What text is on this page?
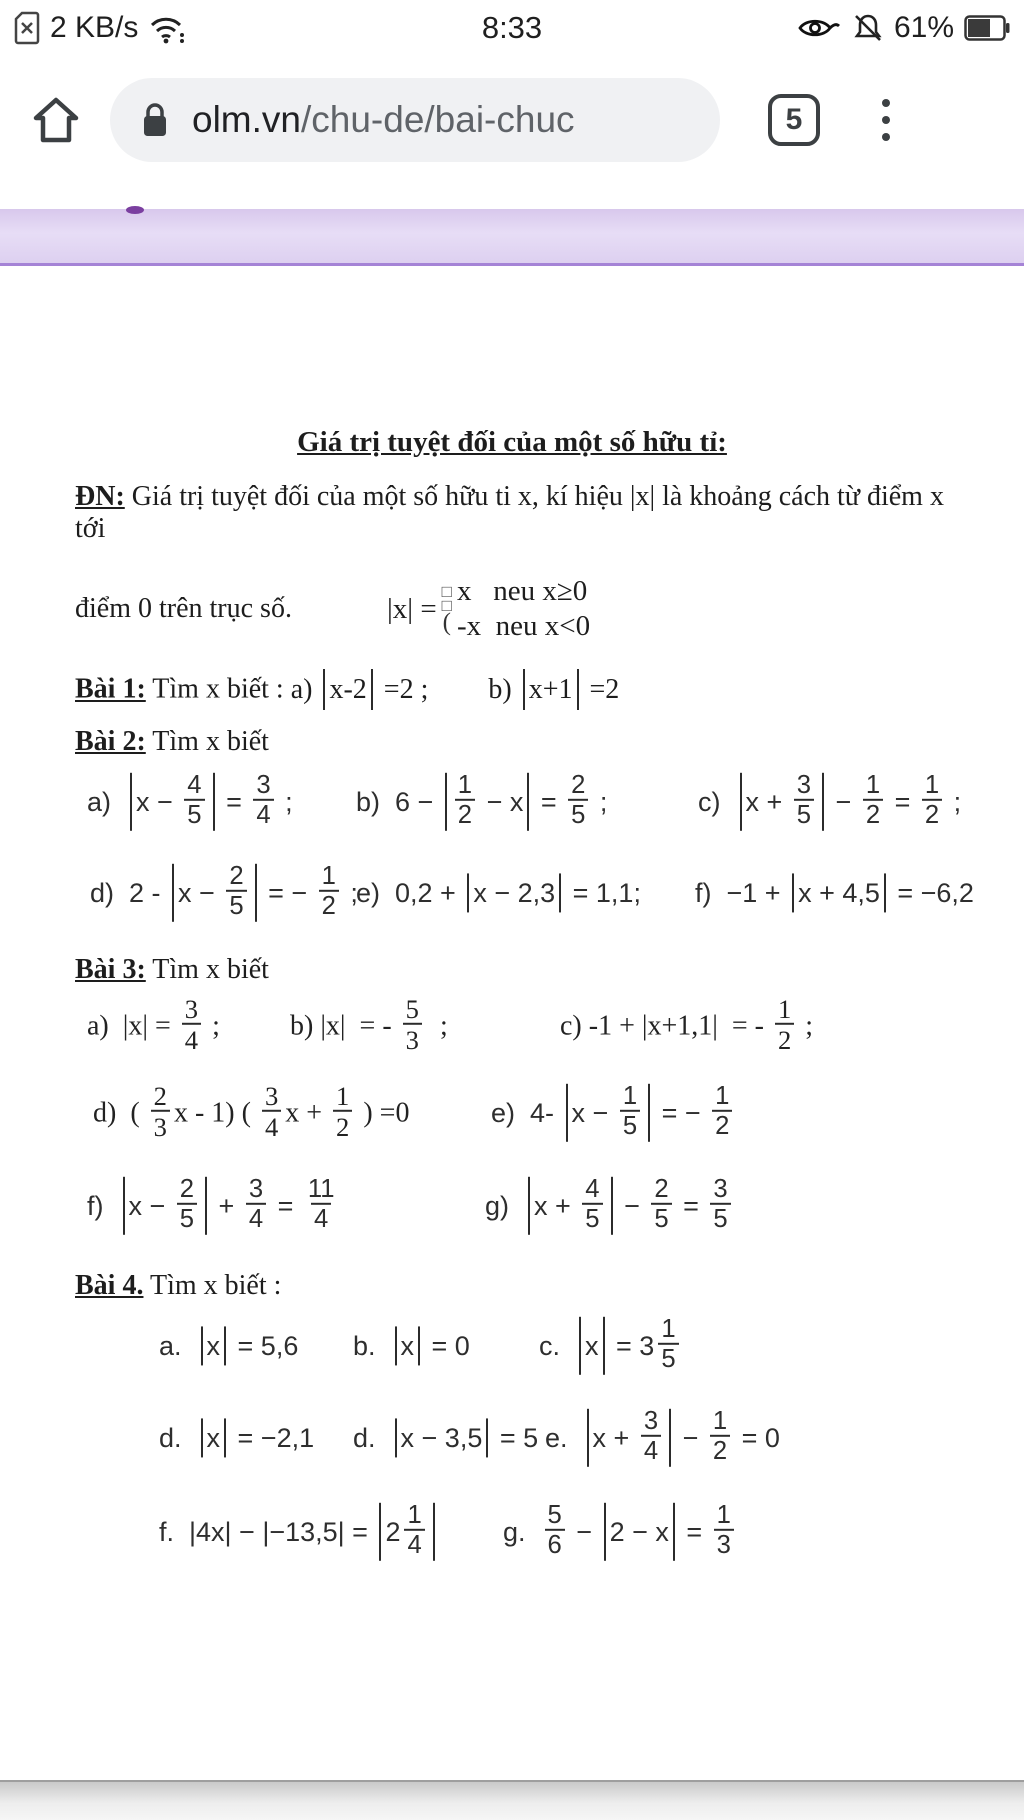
2 KB/s	8:33	61%
olm.vn/chu-de/bai-chuc	5
Giá trị tuyệt đối của một số hữu tỉ:
ĐN: Giá trị tuyệt đối của một số hữu ti x, kí hiệu |x| là khoảng cách từ điểm x tới
điểm 0 trên trục số.	|x| =
□
□
(
x   neu x≥0
-x  neu x<0
Bài 1: Tìm x biết : a) x-2 =2 ; b) x+1 =2
Bài 2: Tìm x biết
a)  $x - \frac{4}{5} = \frac{3}{4}$ ; b)  $6 - \frac{1}{2} - x = \frac{2}{5}$ ;	c)  $x + \frac{3}{5} - \frac{1}{2} = \frac{1}{2}$ ;
d)  $2 - x - \frac{2}{5}$ = − $\frac{1}{2}$ ;
e)  0,2 + x − 2,3 = 1,1; f)  −1 + x + 4,5 = −6,2
Bài 3: Tìm x biết
a)  $|x| = \frac{3}{4}$ ;	b) |x|  = - $\frac{5}{3}$ ;	c) -1 + |x+1,1|  = - $\frac{1}{2}$ ;
d)  ( $\frac{2}{3}$ x - 1) ( $\frac{3}{4}$ $x + \frac{1}{2}$ ) =0	e)  4- $x - \frac{1}{5}$ = − $\frac{1}{2}$
f)  $x - \frac{2}{5} + \frac{3}{4} = \frac{11}{4}$	g)  $x + \frac{4}{5} - \frac{2}{5} = \frac{3}{5}$
Bài 4. Tìm x biết :
a.  x = 5,6 b.  x = 0	c.  $x = 3 \frac{1}{5}$
d.  x = −2,1 d.  x − 3,5 = 5 e.  $x + \frac{3}{4} - \frac{1}{2} = 0$
f.  $|4x| - |-13,5| = 2 \frac{1}{4}$	g. $\frac{5}{6} - 2 - x = \frac{1}{3}$
